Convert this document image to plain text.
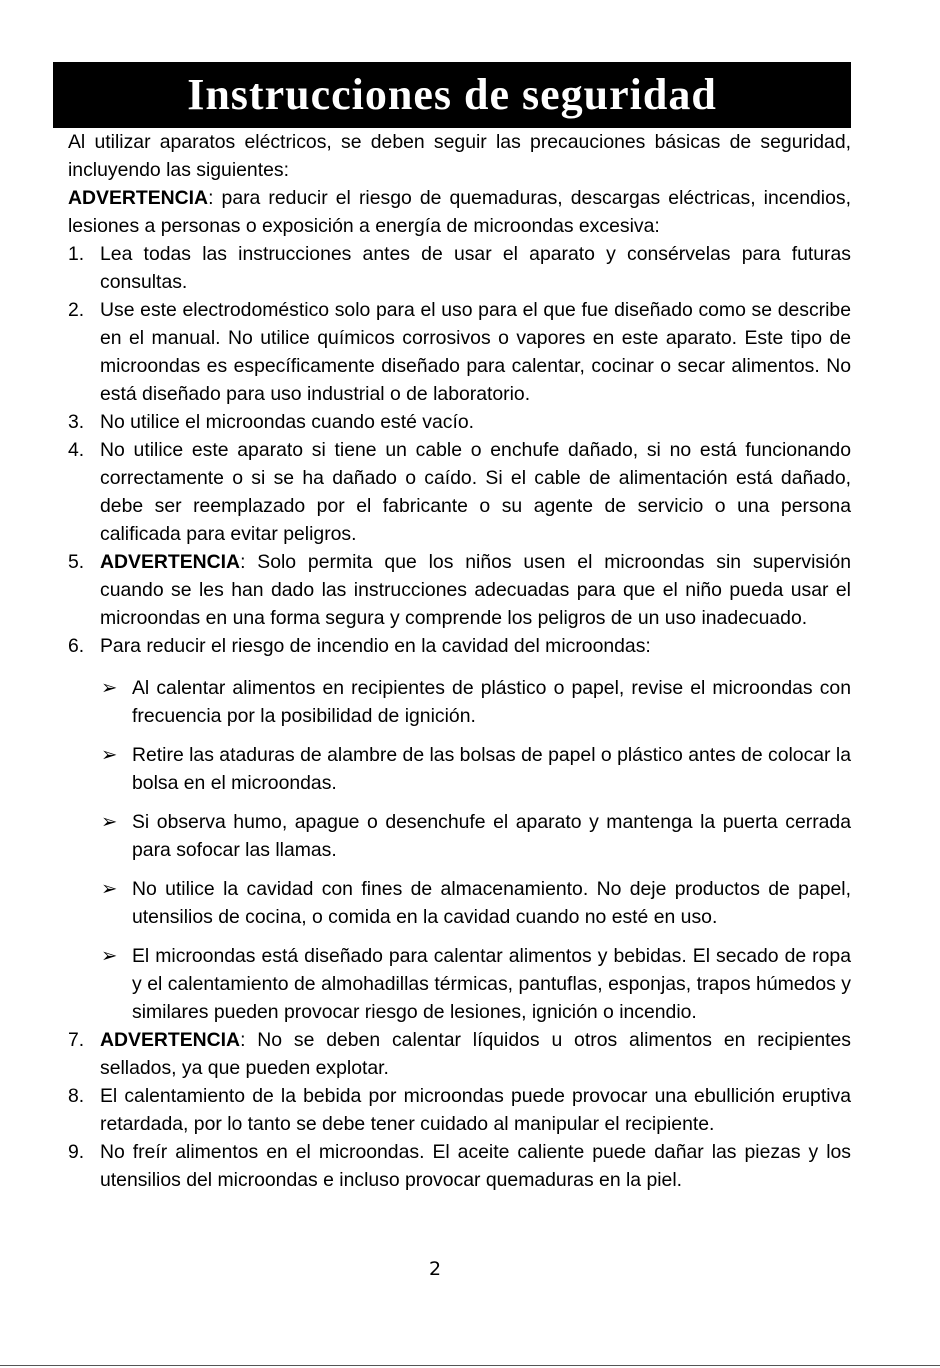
Instrucciones de seguridad

Al utilizar aparatos eléctricos, se deben seguir las precauciones básicas de seguridad, incluyendo las siguientes:

ADVERTENCIA: para reducir el riesgo de quemaduras, descargas eléctricas, incendios, lesiones a personas o exposición a energía de microondas excesiva:

1. Lea todas las instrucciones antes de usar el aparato y consérvelas para futuras consultas.
2. Use este electrodoméstico solo para el uso para el que fue diseñado como se describe en el manual. No utilice químicos corrosivos o vapores en este aparato. Este tipo de microondas es específicamente diseñado para calentar, cocinar o secar alimentos. No está diseñado para uso industrial o de laboratorio.
3. No utilice el microondas cuando esté vacío.
4. No utilice este aparato si tiene un cable o enchufe dañado, si no está funcionando correctamente o si se ha dañado o caído. Si el cable de alimentación está dañado, debe ser reemplazado por el fabricante o su agente de servicio o una persona calificada para evitar peligros.
5. ADVERTENCIA: Solo permita que los niños usen el microondas sin supervisión cuando se les han dado las instrucciones adecuadas para que el niño pueda usar el microondas en una forma segura y comprende los peligros de un uso inadecuado.
6. Para reducir el riesgo de incendio en la cavidad del microondas:
➢ Al calentar alimentos en recipientes de plástico o papel, revise el microondas con frecuencia por la posibilidad de ignición.
➢ Retire las ataduras de alambre de las bolsas de papel o plástico antes de colocar la bolsa en el microondas.
➢ Si observa humo, apague o desenchufe el aparato y mantenga la puerta cerrada para sofocar las llamas.
➢ No utilice la cavidad con fines de almacenamiento. No deje productos de papel, utensilios de cocina, o comida en la cavidad cuando no esté en uso.
➢ El microondas está diseñado para calentar alimentos y bebidas. El secado de ropa y el calentamiento de almohadillas térmicas, pantuflas, esponjas, trapos húmedos y similares pueden provocar riesgo de lesiones, ignición o incendio.
7. ADVERTENCIA: No se deben calentar líquidos u otros alimentos en recipientes sellados, ya que pueden explotar.
8. El calentamiento de la bebida por microondas puede provocar una ebullición eruptiva retardada, por lo tanto se debe tener cuidado al manipular el recipiente.
9. No freír alimentos en el microondas. El aceite caliente puede dañar las piezas y los utensilios del microondas e incluso provocar quemaduras en la piel.
2
